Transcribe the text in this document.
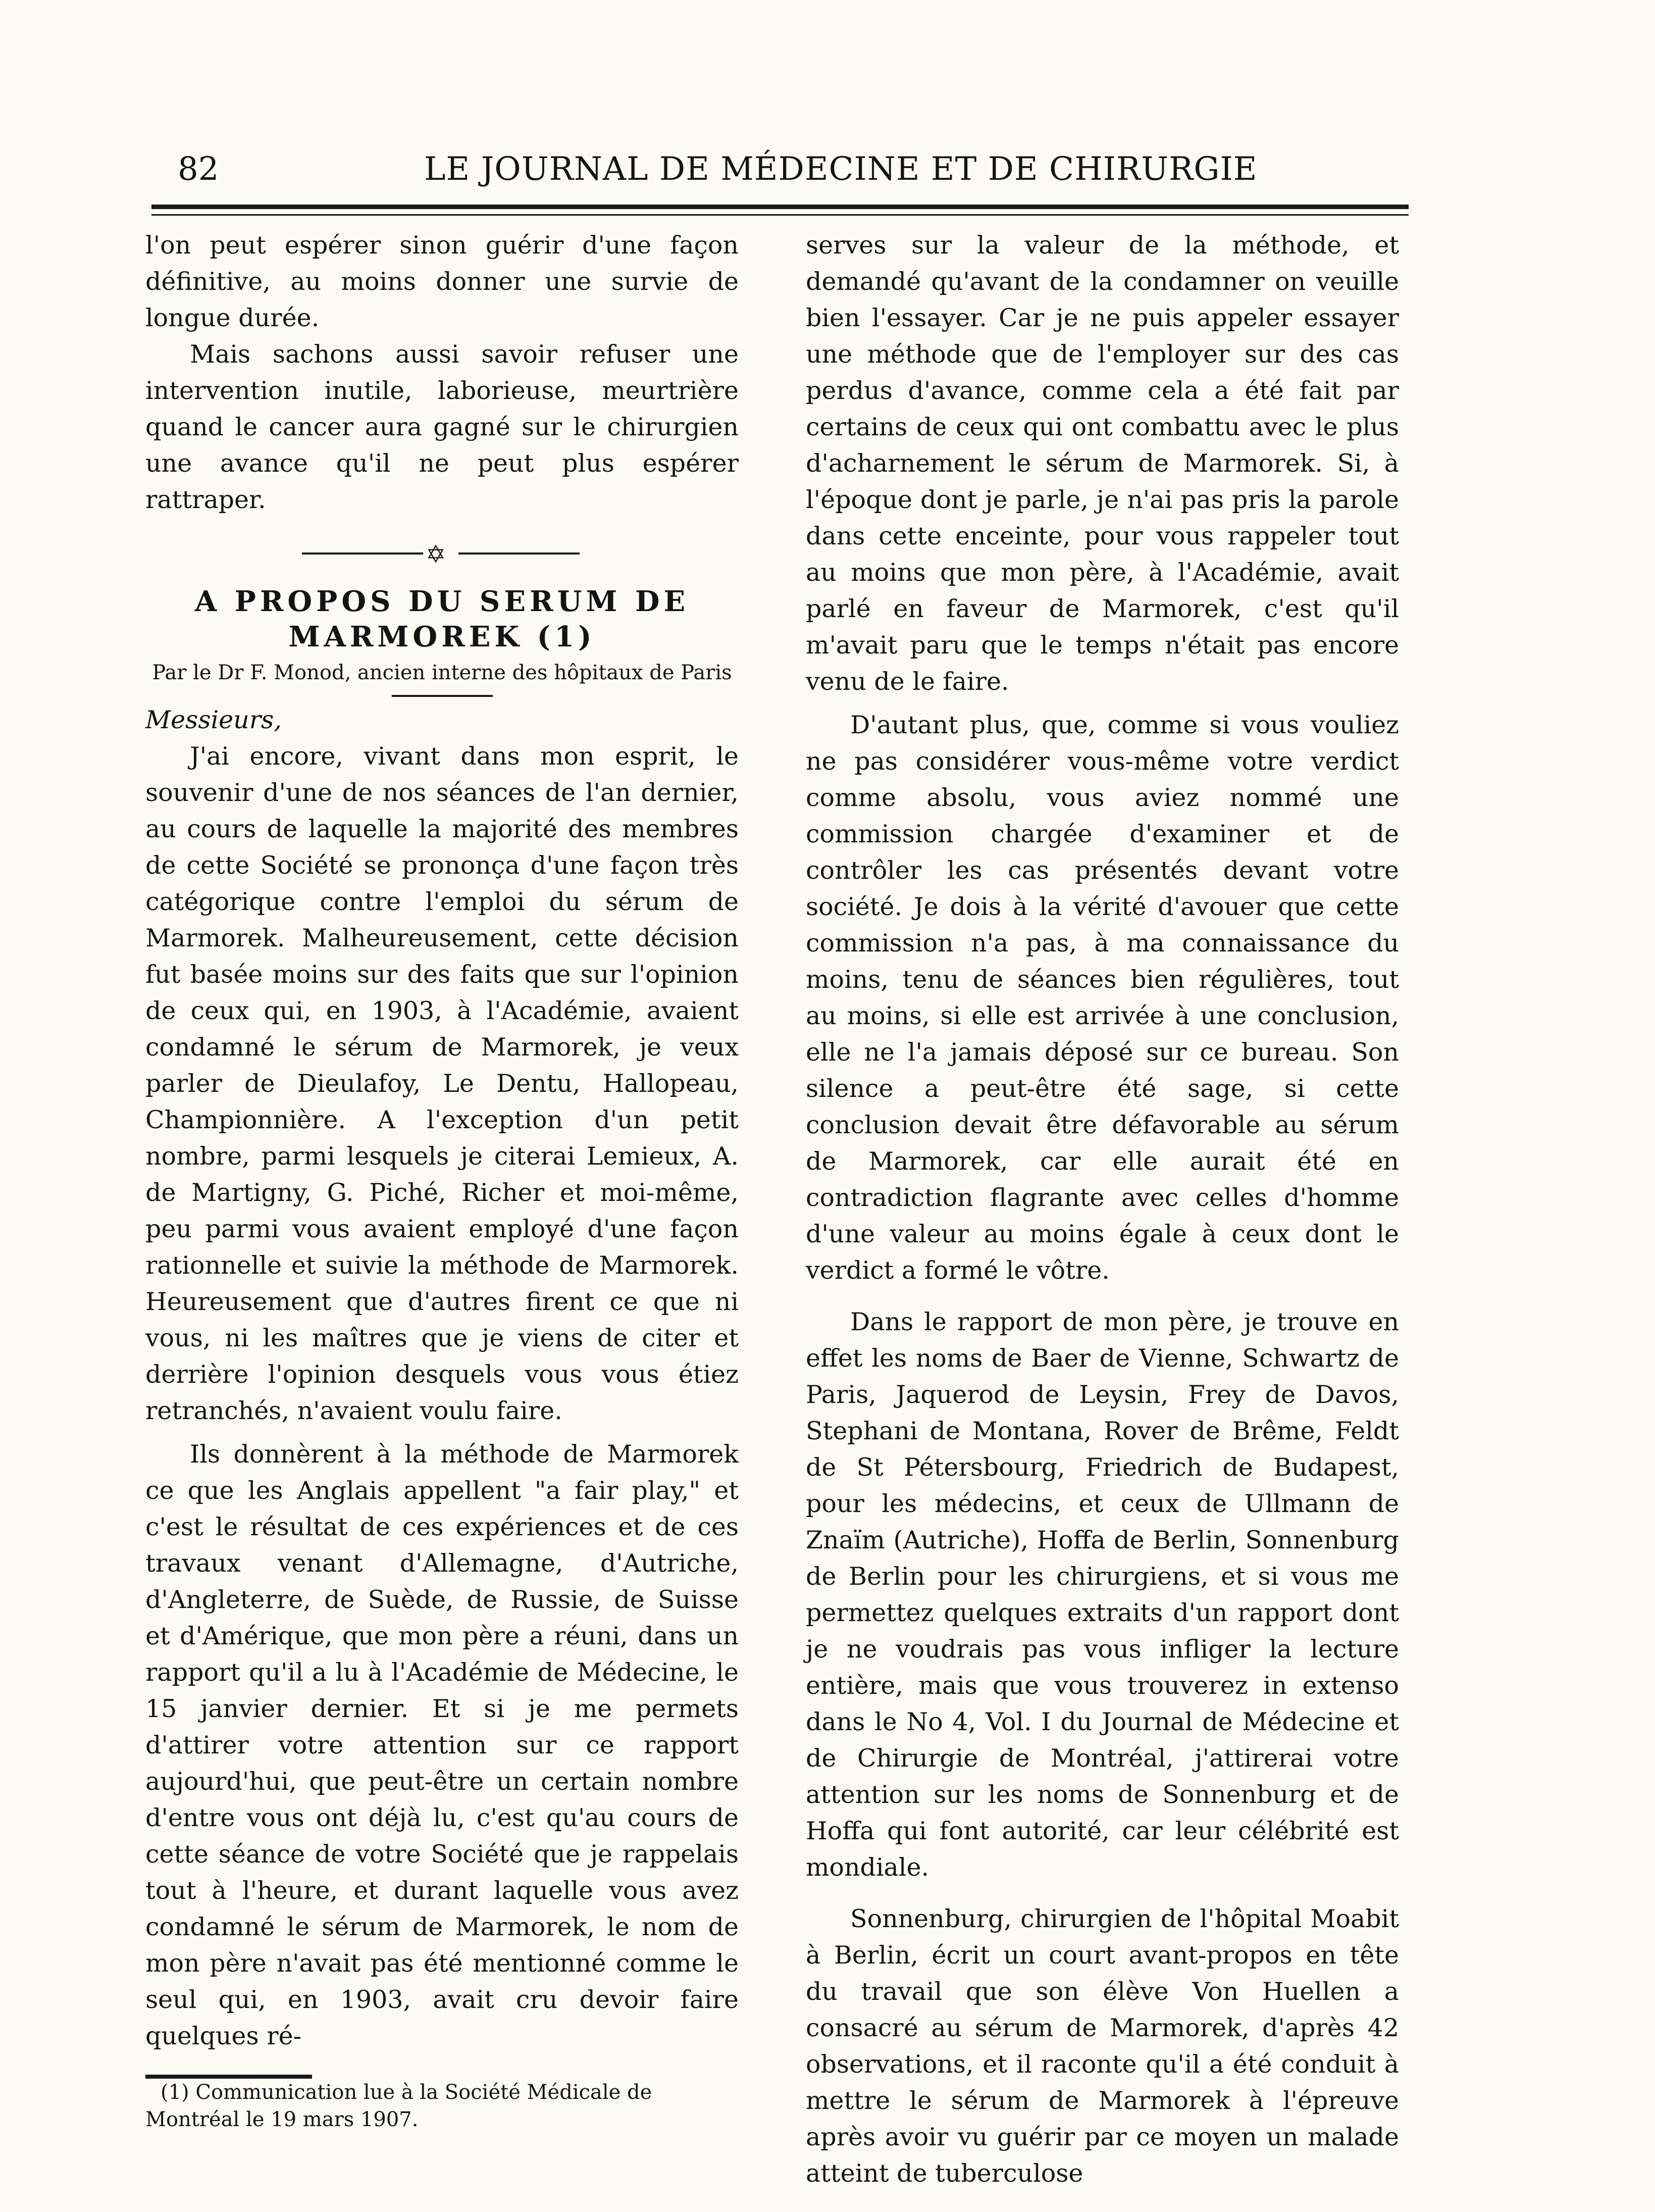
82	LE JOURNAL DE MÉDECINE ET DE CHIRURGIE

l'on peut espérer sinon guérir d'une façon définitive, au moins donner une survie de longue durée.

Mais sachons aussi savoir refuser une intervention inutile, laborieuse, meurtrière quand le cancer aura gagné sur le chirurgien une avance qu'il ne peut plus espérer rattraper.

✡
A PROPOS DU SERUM DE MARMOREK (1)
Par le Dr F. Monod, ancien interne des hôpitaux de Paris

Messieurs,

J'ai encore, vivant dans mon esprit, le souvenir d'une de nos séances de l'an dernier, au cours de laquelle la majorité des membres de cette Société se prononça d'une façon très catégorique contre l'emploi du sérum de Marmorek. Malheureusement, cette décision fut basée moins sur des faits que sur l'opinion de ceux qui, en 1903, à l'Académie, avaient condamné le sérum de Marmorek, je veux parler de Dieulafoy, Le Dentu, Hallopeau, Championnière. A l'exception d'un petit nombre, parmi lesquels je citerai Lemieux, A. de Martigny, G. Piché, Richer et moi-même, peu parmi vous avaient employé d'une façon rationnelle et suivie la méthode de Marmorek. Heureusement que d'autres firent ce que ni vous, ni les maîtres que je viens de citer et derrière l'opinion desquels vous vous étiez retranchés, n'avaient voulu faire.

Ils donnèrent à la méthode de Marmorek ce que les Anglais appellent "a fair play," et c'est le résultat de ces expériences et de ces travaux venant d'Allemagne, d'Autriche, d'Angleterre, de Suède, de Russie, de Suisse et d'Amérique, que mon père a réuni, dans un rapport qu'il a lu à l'Académie de Médecine, le 15 janvier dernier. Et si je me permets d'attirer votre attention sur ce rapport aujourd'hui, que peut-être un certain nombre d'entre vous ont déjà lu, c'est qu'au cours de cette séance de votre Société que je rappelais tout à l'heure, et durant laquelle vous avez condamné le sérum de Marmorek, le nom de mon père n'avait pas été mentionné comme le seul qui, en 1903, avait cru devoir faire quelques ré-

(1) Communication lue à la Société Médicale de Montréal le 19 mars 1907.

serves sur la valeur de la méthode, et demandé qu'avant de la condamner on veuille bien l'essayer. Car je ne puis appeler essayer une méthode que de l'employer sur des cas perdus d'avance, comme cela a été fait par certains de ceux qui ont combattu avec le plus d'acharnement le sérum de Marmorek. Si, à l'époque dont je parle, je n'ai pas pris la parole dans cette enceinte, pour vous rappeler tout au moins que mon père, à l'Académie, avait parlé en faveur de Marmorek, c'est qu'il m'avait paru que le temps n'était pas encore venu de le faire.

D'autant plus, que, comme si vous vouliez ne pas considérer vous-même votre verdict comme absolu, vous aviez nommé une commission chargée d'examiner et de contrôler les cas présentés devant votre société. Je dois à la vérité d'avouer que cette commission n'a pas, à ma connaissance du moins, tenu de séances bien régulières, tout au moins, si elle est arrivée à une conclusion, elle ne l'a jamais déposé sur ce bureau. Son silence a peut-être été sage, si cette conclusion devait être défavorable au sérum de Marmorek, car elle aurait été en contradiction flagrante avec celles d'homme d'une valeur au moins égale à ceux dont le verdict a formé le vôtre.

Dans le rapport de mon père, je trouve en effet les noms de Baer de Vienne, Schwartz de Paris, Jaquerod de Leysin, Frey de Davos, Stephani de Montana, Rover de Brême, Feldt de St Pétersbourg, Friedrich de Budapest, pour les médecins, et ceux de Ullmann de Znaïm (Autriche), Hoffa de Berlin, Sonnenburg de Berlin pour les chirurgiens, et si vous me permettez quelques extraits d'un rapport dont je ne voudrais pas vous infliger la lecture entière, mais que vous trouverez in extenso dans le No 4, Vol. I du Journal de Médecine et de Chirurgie de Montréal, j'attirerai votre attention sur les noms de Sonnenburg et de Hoffa qui font autorité, car leur célébrité est mondiale.

Sonnenburg, chirurgien de l'hôpital Moabit à Berlin, écrit un court avant-propos en tête du travail que son élève Von Huellen a consacré au sérum de Marmorek, d'après 42 observations, et il raconte qu'il a été conduit à mettre le sérum de Marmorek à l'épreuve après avoir vu guérir par ce moyen un malade atteint de tuberculose
